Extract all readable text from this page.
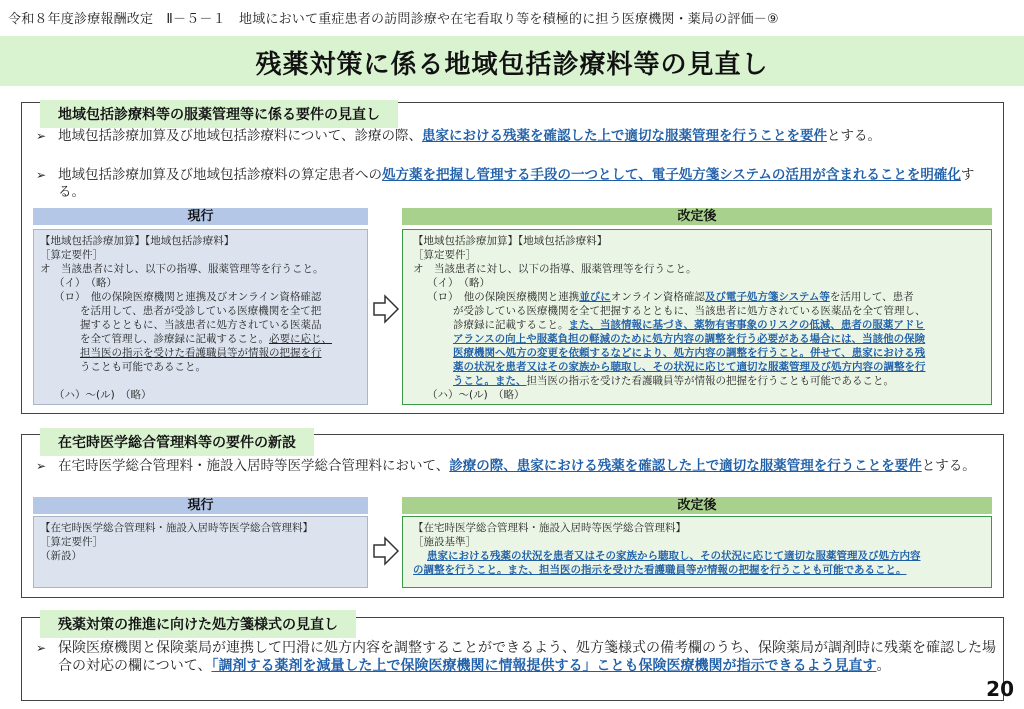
令和８年度診療報酬改定　Ⅱ－５－１　地域において重症患者の訪問診療や在宅看取り等を積極的に担う医療機関・薬局の評価－⑨
残薬対策に係る地域包括診療料等の見直し
地域包括診療料等の服薬管理等に係る要件の見直し
➢ 地域包括診療加算及び地域包括診療料について、診療の際、患家における残薬を確認した上で適切な服薬管理を行うことを要件とする。
➢ 地域包括診療加算及び地域包括診療料の算定患者への処方薬を把握し管理する手段の一つとして、電子処方箋システムの活用が含まれることを明確化する。
現行	改定後
【地域包括診療加算】【地域包括診療料】
［算定要件］
オ　当該患者に対し、以下の指導、服薬管理等を行うこと。
（イ）　（略）
（ロ）　他の保険医療機関と連携及びオンライン資格確認
を活用して、患者が受診している医療機関を全て把
握するとともに、当該患者に処方されている医薬品
を全て管理し、診療録に記載すること。必要に応じ、
担当医の指示を受けた看護職員等が情報の把握を行
うことも可能であること。
（ハ）～(ル)　（略）
【地域包括診療加算】【地域包括診療料】
［算定要件］
オ　当該患者に対し、以下の指導、服薬管理等を行うこと。
（イ）　（略）
（ロ）　他の保険医療機関と連携並びにオンライン資格確認及び電子処方箋システム等を活用して、患者
が受診している医療機関を全て把握するとともに、当該患者に処方されている医薬品を全て管理し、
診療録に記載すること。また、当該情報に基づき、薬物有害事象のリスクの低減、患者の服薬アドヒ
アランスの向上や服薬負担の軽減のために処方内容の調整を行う必要がある場合には、当該他の保険
医療機関へ処方の変更を依頼するなどにより、処方内容の調整を行うこと。併せて、患家における残
薬の状況を患者又はその家族から聴取し、その状況に応じて適切な服薬管理及び処方内容の調整を行
うこと。また、担当医の指示を受けた看護職員等が情報の把握を行うことも可能であること。
（ハ）～(ル)　（略）
在宅時医学総合管理料等の要件の新設
➢ 在宅時医学総合管理料・施設入居時等医学総合管理料において、診療の際、患家における残薬を確認した上で適切な服薬管理を行うことを要件とする。
現行	改定後
【在宅時医学総合管理料・施設入居時等医学総合管理料】
［算定要件］
（新設）
【在宅時医学総合管理料・施設入居時等医学総合管理料】
［施設基準］
患家における残薬の状況を患者又はその家族から聴取し、その状況に応じて適切な服薬管理及び処方内容
の調整を行うこと。また、担当医の指示を受けた看護職員等が情報の把握を行うことも可能であること。
残薬対策の推進に向けた処方箋様式の見直し
➢ 保険医療機関と保険薬局が連携して円滑に処方内容を調整することができるよう、処方箋様式の備考欄のうち、保険薬局が調剤時に残薬を確認した場合の対応の欄について、「調剤する薬剤を減量した上で保険医療機関に情報提供する」ことも保険医療機関が指示できるよう見直す。
20
